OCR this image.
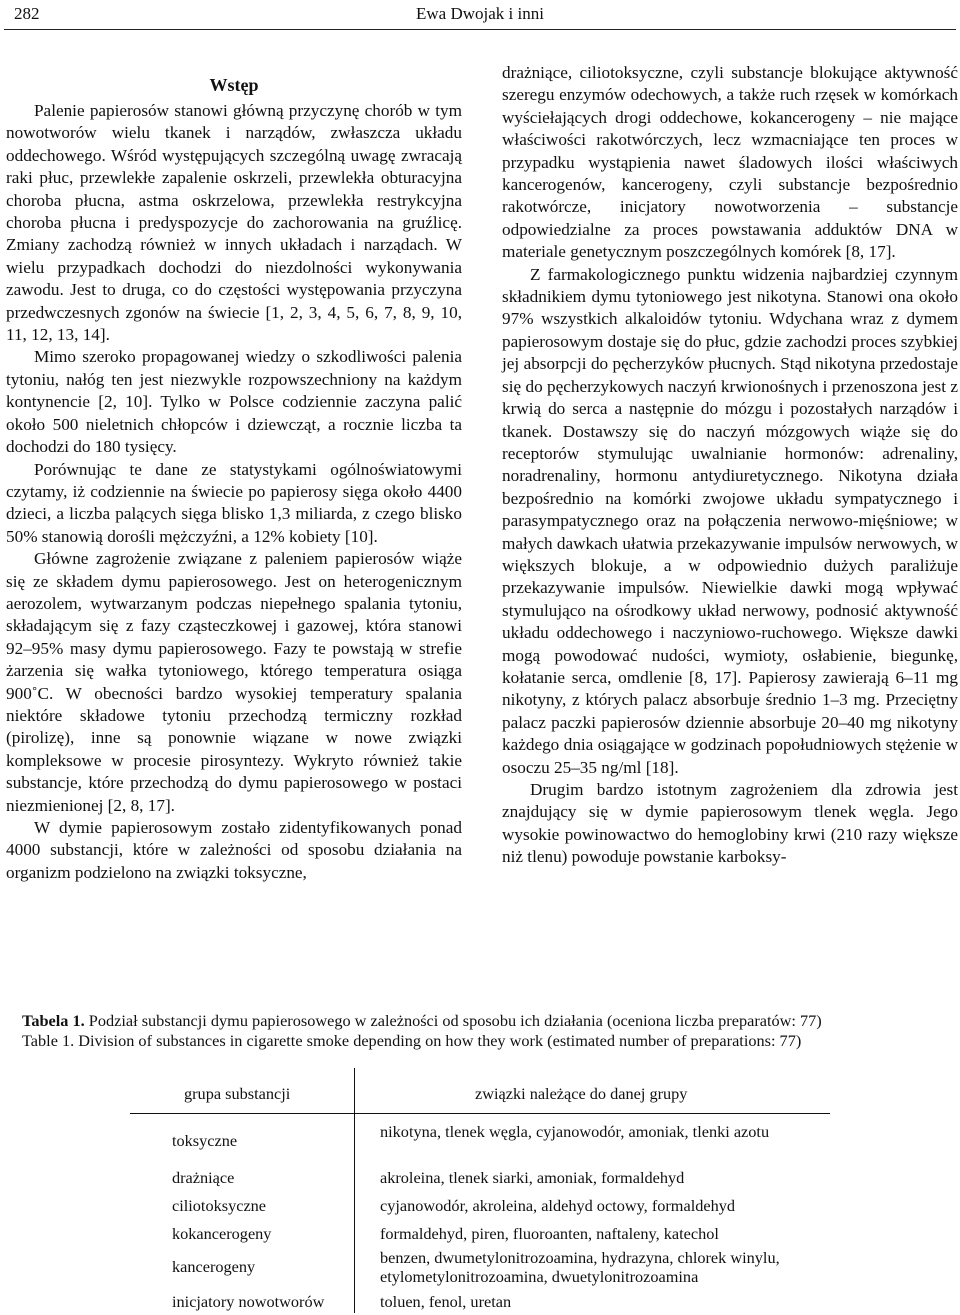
282	Ewa Dwojak i inni
Wstęp

Palenie papierosów stanowi główną przyczynę chorób w tym nowotworów wielu tkanek i narządów, zwłaszcza układu oddechowego. Wśród występujących szczególną uwagę zwracają raki płuc, przewlekłe zapalenie oskrzeli, przewlekła obturacyjna choroba płucna, astma oskrzelowa, przewlekła restrykcyjna choroba płucna i predyspozycje do zachorowania na gruźlicę. Zmiany zachodzą również w innych układach i narządach. W wielu przypadkach dochodzi do niezdolności wykonywania zawodu. Jest to druga, co do częstości występowania przyczyna przedwczesnych zgonów na świecie [1, 2, 3, 4, 5, 6, 7, 8, 9, 10, 11, 12, 13, 14].

Mimo szeroko propagowanej wiedzy o szkodliwości palenia tytoniu, nałóg ten jest niezwykle rozpowszechniony na każdym kontynencie [2, 10]. Tylko w Polsce codziennie zaczyna palić około 500 nieletnich chłopców i dziewcząt, a rocznie liczba ta dochodzi do 180 tysięcy.

Porównując te dane ze statystykami ogólnoświatowymi czytamy, iż codziennie na świecie po papierosy sięga około 4400 dzieci, a liczba palących sięga blisko 1,3 miliarda, z czego blisko 50% stanowią dorośli mężczyźni, a 12% kobiety [10].

Główne zagrożenie związane z paleniem papierosów wiąże się ze składem dymu papierosowego. Jest on heterogenicznym aerozolem, wytwarzanym podczas niepełnego spalania tytoniu, składającym się z fazy cząsteczkowej i gazowej, która stanowi 92–95% masy dymu papierosowego. Fazy te powstają w strefie żarzenia się wałka tytoniowego, którego temperatura osiąga 900˚C. W obecności bardzo wysokiej temperatury spalania niektóre składowe tytoniu przechodzą termiczny rozkład (pirolizę), inne są ponownie wiązane w nowe związki kompleksowe w procesie pirosyntezy. Wykryto również takie substancje, które przechodzą do dymu papierosowego w postaci niezmienionej [2, 8, 17].

W dymie papierosowym zostało zidentyfikowanych ponad 4000 substancji, które w zależności od sposobu działania na organizm podzielono na związki toksyczne,

drażniące, ciliotoksyczne, czyli substancje blokujące aktywność szeregu enzymów odechowych, a także ruch rzęsek w komórkach wyściełających drogi oddechowe, kokancerogeny – nie mające właściwości rakotwórczych, lecz wzmacniające ten proces w przypadku wystąpienia nawet śladowych ilości właściwych kancerogenów, kancerogeny, czyli substancje bezpośrednio rakotwórcze, inicjatory nowotworzenia – substancje odpowiedzialne za proces powstawania adduktów DNA w materiale genetycznym poszczególnych komórek [8, 17].

Z farmakologicznego punktu widzenia najbardziej czynnym składnikiem dymu tytoniowego jest nikotyna. Stanowi ona około 97% wszystkich alkaloidów tytoniu. Wdychana wraz z dymem papierosowym dostaje się do płuc, gdzie zachodzi proces szybkiej jej absorpcji do pęcherzyków płucnych. Stąd nikotyna przedostaje się do pęcherzykowych naczyń krwionośnych i przenoszona jest z krwią do serca a następnie do mózgu i pozostałych narządów i tkanek. Dostawszy się do naczyń mózgowych wiąże się do receptorów stymulując uwalnianie hormonów: adrenaliny, noradrenaliny, hormonu antydiuretycznego. Nikotyna działa bezpośrednio na komórki zwojowe układu sympatycznego i parasympatycznego oraz na połączenia nerwowo-mięśniowe; w małych dawkach ułatwia przekazywanie impulsów nerwowych, w większych blokuje, a w odpowiednio dużych paraliżuje przekazywanie impulsów. Niewielkie dawki mogą wpływać stymulująco na ośrodkowy układ nerwowy, podnosić aktywność układu oddechowego i naczyniowo-ruchowego. Większe dawki mogą powodować nudości, wymioty, osłabienie, biegunkę, kołatanie serca, omdlenie [8, 17]. Papierosy zawierają 6–11 mg nikotyny, z których palacz absorbuje średnio 1–3 mg. Przeciętny palacz paczki papierosów dziennie absorbuje 20–40 mg nikotyny każdego dnia osiągające w godzinach popołudniowych stężenie w osoczu 25–35 ng/ml [18].

Drugim bardzo istotnym zagrożeniem dla zdrowia jest znajdujący się w dymie papierosowym tlenek węgla. Jego wysokie powinowactwo do hemoglobiny krwi (210 razy większe niż tlenu) powoduje powstanie karboksy-

Tabela 1. Podział substancji dymu papierosowego w zależności od sposobu ich działania (oceniona liczba preparatów: 77)
Table 1. Division of substances in cigarette smoke depending on how they work (estimated number of preparations: 77)
grupa substancji	związki należące do danej grupy
toksyczne	nikotyna, tlenek węgla, cyjanowodór, amoniak, tlenki azotu
drażniące	akroleina, tlenek siarki, amoniak, formaldehyd
ciliotoksyczne	cyjanowodór, akroleina, aldehyd octowy, formaldehyd
kokancerogeny	formaldehyd, piren, fluoroanten, naftaleny, katechol
kancerogeny	benzen, dwumetylonitrozoamina, hydrazyna, chlorek winylu, etylometylonitrozoamina, dwuetylonitrozoamina
inicjatory nowotworów	toluen, fenol, uretan
